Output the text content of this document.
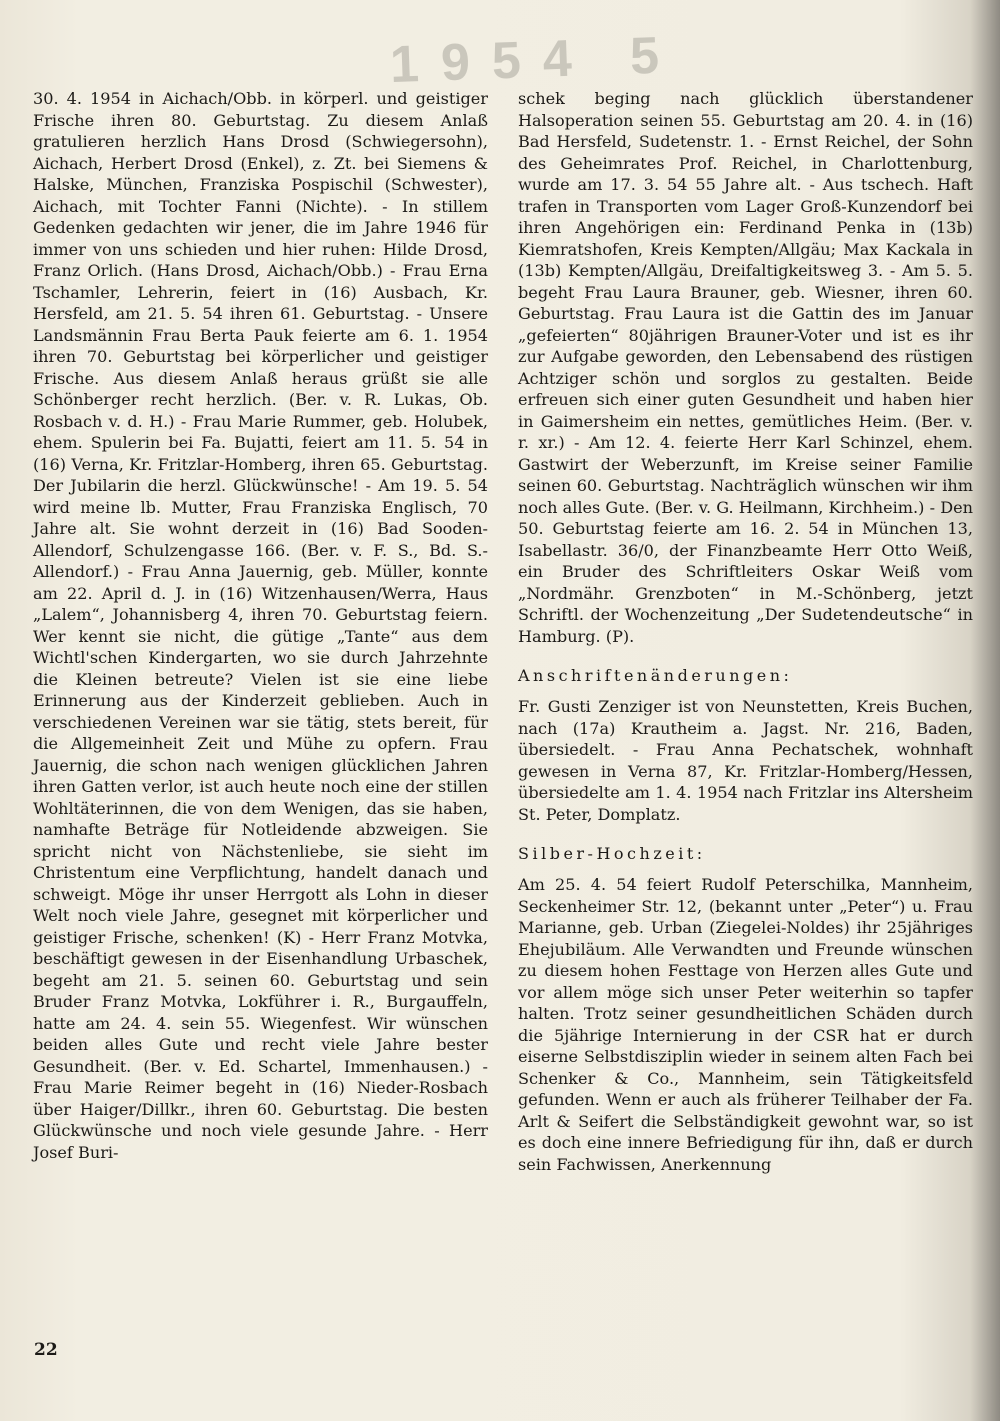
1954 5

30. 4. 1954 in Aichach/Obb. in körperl. und geistiger Frische ihren 80. Geburtstag. Zu diesem Anlaß gratulieren herzlich Hans Drosd (Schwiegersohn), Aichach, Herbert Drosd (Enkel), z. Zt. bei Siemens & Halske, München, Franziska Pospischil (Schwester), Aichach, mit Tochter Fanni (Nichte). - In stillem Gedenken gedachten wir jener, die im Jahre 1946 für immer von uns schieden und hier ruhen: Hilde Drosd, Franz Orlich. (Hans Drosd, Aichach/Obb.) - Frau Erna Tschamler, Lehrerin, feiert in (16) Ausbach, Kr. Hersfeld, am 21. 5. 54 ihren 61. Geburtstag. - Unsere Landsmännin Frau Berta Pauk feierte am 6. 1. 1954 ihren 70. Geburtstag bei körperlicher und geistiger Frische. Aus diesem Anlaß heraus grüßt sie alle Schönberger recht herzlich. (Ber. v. R. Lukas, Ob. Rosbach v. d. H.) - Frau Marie Rummer, geb. Holubek, ehem. Spulerin bei Fa. Bujatti, feiert am 11. 5. 54 in (16) Verna, Kr. Fritzlar-Homberg, ihren 65. Geburtstag. Der Jubilarin die herzl. Glückwünsche! - Am 19. 5. 54 wird meine lb. Mutter, Frau Franziska Englisch, 70 Jahre alt. Sie wohnt derzeit in (16) Bad Sooden-Allendorf, Schulzengasse 166. (Ber. v. F. S., Bd. S.-Allendorf.) - Frau Anna Jauernig, geb. Müller, konnte am 22. April d. J. in (16) Witzenhausen/Werra, Haus „Lalem“, Johannisberg 4, ihren 70. Geburtstag feiern. Wer kennt sie nicht, die gütige „Tante“ aus dem Wichtl'schen Kindergarten, wo sie durch Jahrzehnte die Kleinen betreute? Vielen ist sie eine liebe Erinnerung aus der Kinderzeit geblieben. Auch in verschiedenen Vereinen war sie tätig, stets bereit, für die Allgemeinheit Zeit und Mühe zu opfern. Frau Jauernig, die schon nach wenigen glücklichen Jahren ihren Gatten verlor, ist auch heute noch eine der stillen Wohltäterinnen, die von dem Wenigen, das sie haben, namhafte Beträge für Notleidende abzweigen. Sie spricht nicht von Nächstenliebe, sie sieht im Christentum eine Verpflichtung, handelt danach und schweigt. Möge ihr unser Herrgott als Lohn in dieser Welt noch viele Jahre, gesegnet mit körperlicher und geistiger Frische, schenken! (K) - Herr Franz Motvka, beschäftigt gewesen in der Eisenhandlung Urbaschek, begeht am 21. 5. seinen 60. Geburtstag und sein Bruder Franz Motvka, Lokführer i. R., Burgauffeln, hatte am 24. 4. sein 55. Wiegenfest. Wir wünschen beiden alles Gute und recht viele Jahre bester Gesundheit. (Ber. v. Ed. Schartel, Immenhausen.) - Frau Marie Reimer begeht in (16) Nieder-Rosbach über Haiger/Dillkr., ihren 60. Geburtstag. Die besten Glückwünsche und noch viele gesunde Jahre. - Herr Josef Buri-

schek beging nach glücklich überstandener Halsoperation seinen 55. Geburtstag am 20. 4. in (16) Bad Hersfeld, Sudetenstr. 1. - Ernst Reichel, der Sohn des Geheimrates Prof. Reichel, in Charlottenburg, wurde am 17. 3. 54 55 Jahre alt. - Aus tschech. Haft trafen in Transporten vom Lager Groß-Kunzendorf bei ihren Angehörigen ein: Ferdinand Penka in (13b) Kiemratshofen, Kreis Kempten/Allgäu; Max Kackala in (13b) Kempten/Allgäu, Dreifaltigkeitsweg 3. - Am 5. 5. begeht Frau Laura Brauner, geb. Wiesner, ihren 60. Geburtstag. Frau Laura ist die Gattin des im Januar „gefeierten“ 80jährigen Brauner-Voter und ist es ihr zur Aufgabe geworden, den Lebensabend des rüstigen Achtziger schön und sorglos zu gestalten. Beide erfreuen sich einer guten Gesundheit und haben hier in Gaimersheim ein nettes, gemütliches Heim. (Ber. v. r. xr.) - Am 12. 4. feierte Herr Karl Schinzel, ehem. Gastwirt der Weberzunft, im Kreise seiner Familie seinen 60. Geburtstag. Nachträglich wünschen wir ihm noch alles Gute. (Ber. v. G. Heilmann, Kirchheim.) - Den 50. Geburtstag feierte am 16. 2. 54 in München 13, Isabellastr. 36/0, der Finanzbeamte Herr Otto Weiß, ein Bruder des Schriftleiters Oskar Weiß vom „Nordmähr. Grenzboten“ in M.-Schönberg, jetzt Schriftl. der Wochenzeitung „Der Sudetendeutsche“ in Hamburg. (P).

Anschriftenänderungen:

Fr. Gusti Zenziger ist von Neunstetten, Kreis Buchen, nach (17a) Krautheim a. Jagst. Nr. 216, Baden, übersiedelt. - Frau Anna Pechatschek, wohnhaft gewesen in Verna 87, Kr. Fritzlar-Homberg/Hessen, übersiedelte am 1. 4. 1954 nach Fritzlar ins Altersheim St. Peter, Domplatz.

Silber-Hochzeit:

Am 25. 4. 54 feiert Rudolf Peterschilka, Mannheim, Seckenheimer Str. 12, (bekannt unter „Peter“) u. Frau Marianne, geb. Urban (Ziegelei-Noldes) ihr 25jähriges Ehejubiläum. Alle Verwandten und Freunde wünschen zu diesem hohen Festtage von Herzen alles Gute und vor allem möge sich unser Peter weiterhin so tapfer halten. Trotz seiner gesundheitlichen Schäden durch die 5jährige Internierung in der CSR hat er durch eiserne Selbstdisziplin wieder in seinem alten Fach bei Schenker & Co., Mannheim, sein Tätigkeitsfeld gefunden. Wenn er auch als früherer Teilhaber der Fa. Arlt & Seifert die Selbständigkeit gewohnt war, so ist es doch eine innere Befriedigung für ihn, daß er durch sein Fachwissen, Anerkennung

22
